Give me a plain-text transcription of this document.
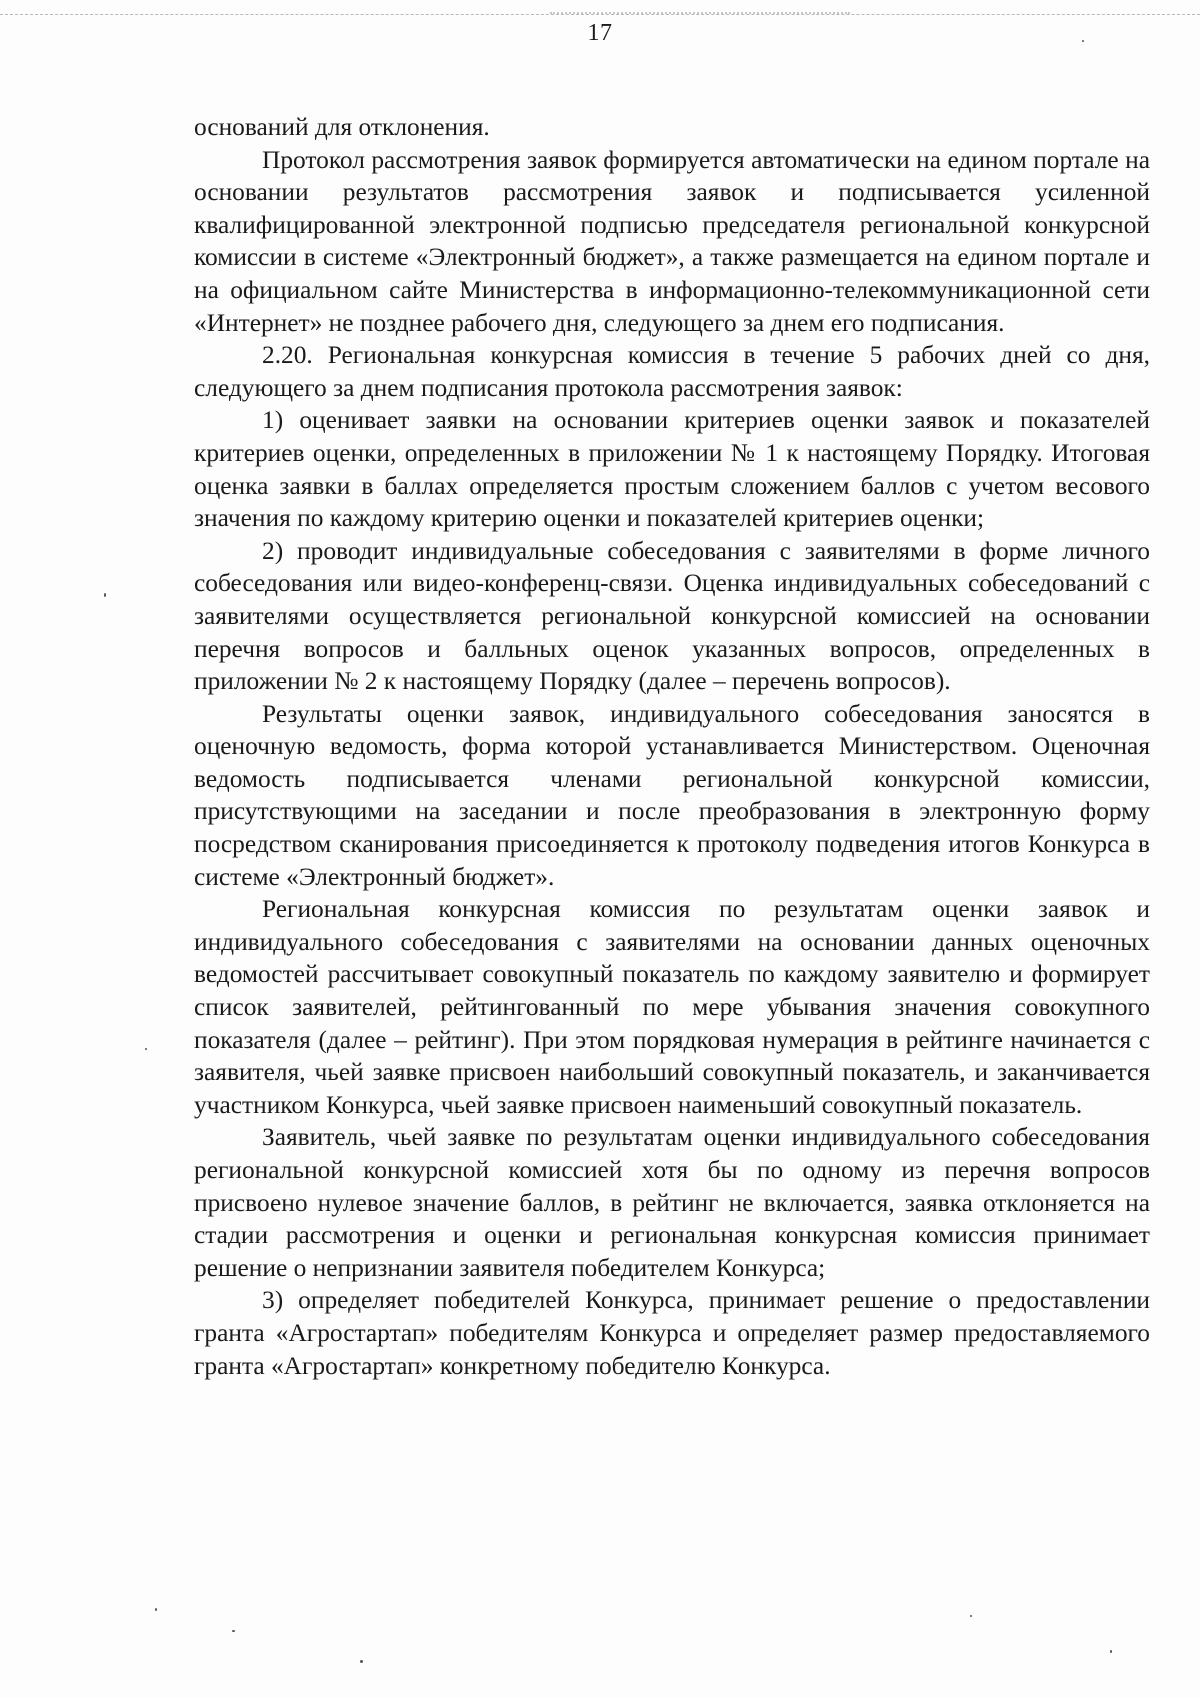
17

оснований для отклонения.

Протокол рассмотрения заявок формируется автоматически на едином портале на основании результатов рассмотрения заявок и подписывается усиленной квалифицированной электронной подписью председателя региональной конкурсной комиссии в системе «Электронный бюджет», а также размещается на едином портале и на официальном сайте Министерства в информационно-телекоммуникационной сети «Интернет» не позднее рабочего дня, следующего за днем его подписания.

2.20. Региональная конкурсная комиссия в течение 5 рабочих дней со дня, следующего за днем подписания протокола рассмотрения заявок:

1) оценивает заявки на основании критериев оценки заявок и показателей критериев оценки, определенных в приложении № 1 к настоящему Порядку. Итоговая оценка заявки в баллах определяется простым сложением баллов с учетом весового значения по каждому критерию оценки и показателей критериев оценки;

2) проводит индивидуальные собеседования с заявителями в форме личного собеседования или видео-конференц-связи. Оценка индивидуальных собеседований с заявителями осуществляется региональной конкурсной комиссией на основании перечня вопросов и балльных оценок указанных вопросов, определенных в приложении № 2 к настоящему Порядку (далее – перечень вопросов).

Результаты оценки заявок, индивидуального собеседования заносятся в оценочную ведомость, форма которой устанавливается Министерством. Оценочная ведомость подписывается членами региональной конкурсной комиссии, присутствующими на заседании и после преобразования в электронную форму посредством сканирования присоединяется к протоколу подведения итогов Конкурса в системе «Электронный бюджет».

Региональная конкурсная комиссия по результатам оценки заявок и индивидуального собеседования с заявителями на основании данных оценочных ведомостей рассчитывает совокупный показатель по каждому заявителю и формирует список заявителей, рейтингованный по мере убывания значения совокупного показателя (далее – рейтинг). При этом порядковая нумерация в рейтинге начинается с заявителя, чьей заявке присвоен наибольший совокупный показатель, и заканчивается участником Конкурса, чьей заявке присвоен наименьший совокупный показатель.

Заявитель, чьей заявке по результатам оценки индивидуального собеседования региональной конкурсной комиссией хотя бы по одному из перечня вопросов присвоено нулевое значение баллов, в рейтинг не включается, заявка отклоняется на стадии рассмотрения и оценки и региональная конкурсная комиссия принимает решение о непризнании заявителя победителем Конкурса;

3) определяет победителей Конкурса, принимает решение о предоставлении гранта «Агростартап» победителям Конкурса и определяет размер предоставляемого гранта «Агростартап» конкретному победителю Конкурса.
